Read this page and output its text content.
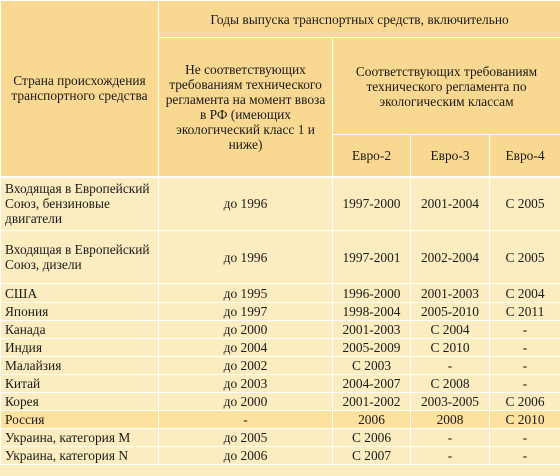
Страна происхождения транспортного средства	Годы выпуска транспортных средств, включительно			
	Не соответствующих требованиям технического регламента на момент ввоза в РФ (имеющих экологический класс 1 и ниже)	Соответствующих требованиям технического регламента по экологическим классам		
		Евро-2	Евро-3	Евро-4
Входящая в Европейский Союз, бензиновые двигатели	до 1996	1997-2000	2001-2004	С 2005
Входящая в Европейский Союз, дизели	до 1996	1997-2001	2002-2004	С 2005
США	до 1995	1996-2000	2001-2003	С 2004
Япония	до 1997	1998-2004	2005-2010	С 2011
Канада	до 2000	2001-2003	С 2004	-
Индия	до 2004	2005-2009	С 2010	-
Малайзия	до 2002	С 2003	-	-
Китай	до 2003	2004-2007	С 2008	-
Корея	до 2000	2001-2002	2003-2005	С 2006
Россия	-	2006	2008	С 2010
Украина, категория М	до 2005	С 2006	-	-
Украина, категория N	до 2006	С 2007	-	-
